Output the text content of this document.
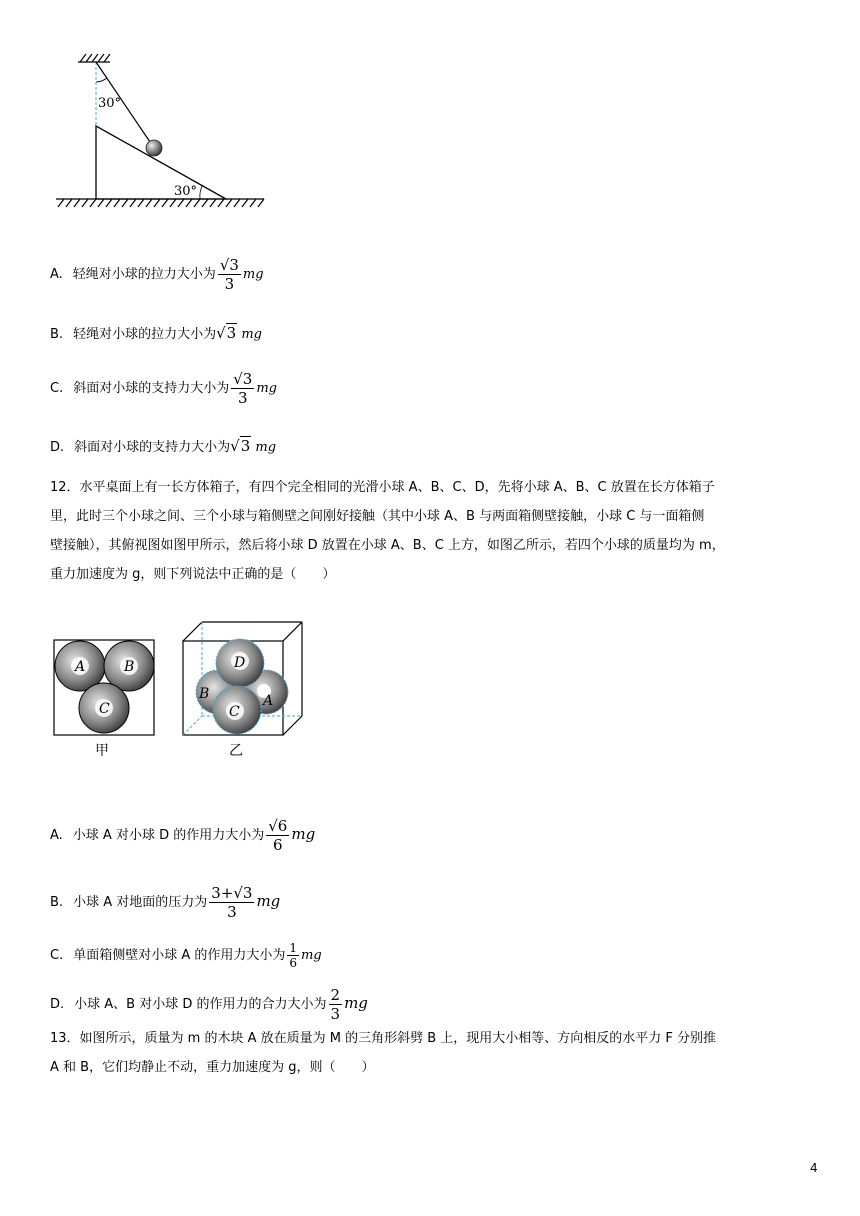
30°
30°
A. 轻绳对小球的拉力大小为 $\frac{√3}{3}$ mg
B. 轻绳对小球的拉力大小为√3 mg
C. 斜面对小球的支持力大小为 $\frac{√3}{3}$ mg
D. 斜面对小球的支持力大小为√3 mg
12．水平桌面上有一长方体箱子，有四个完全相同的光滑小球 A、B、C、D，先将小球 A、B、C 放置在长方体箱子
里，此时三个小球之间、三个小球与箱侧壁之间刚好接触（其中小球 A、B 与两面箱侧壁接触，小球 C 与一面箱侧
壁接触），其俯视图如图甲所示，然后将小球 D 放置在小球 A、B、C 上方，如图乙所示，若四个小球的质量均为 m，
重力加速度为 g，则下列说法中正确的是（　　）
A	B
C
甲
D
B
C
A
乙
A. 小球 A 对小球 D 的作用力大小为 $\frac{√6}{6}$ mg
B. 小球 A 对地面的压力为 $\frac{3+√3}{3}$ mg
C. 单面箱侧壁对小球 A 的作用力大小为 $\frac{1}{6}$ mg
D. 小球 A、B 对小球 D 的作用力的合力大小为 $\frac{2}{3}$ mg
13．如图所示，质量为 m 的木块 A 放在质量为 M 的三角形斜劈 B 上，现用大小相等、方向相反的水平力 F 分别推
A 和 B，它们均静止不动，重力加速度为 g，则（　　）
4
